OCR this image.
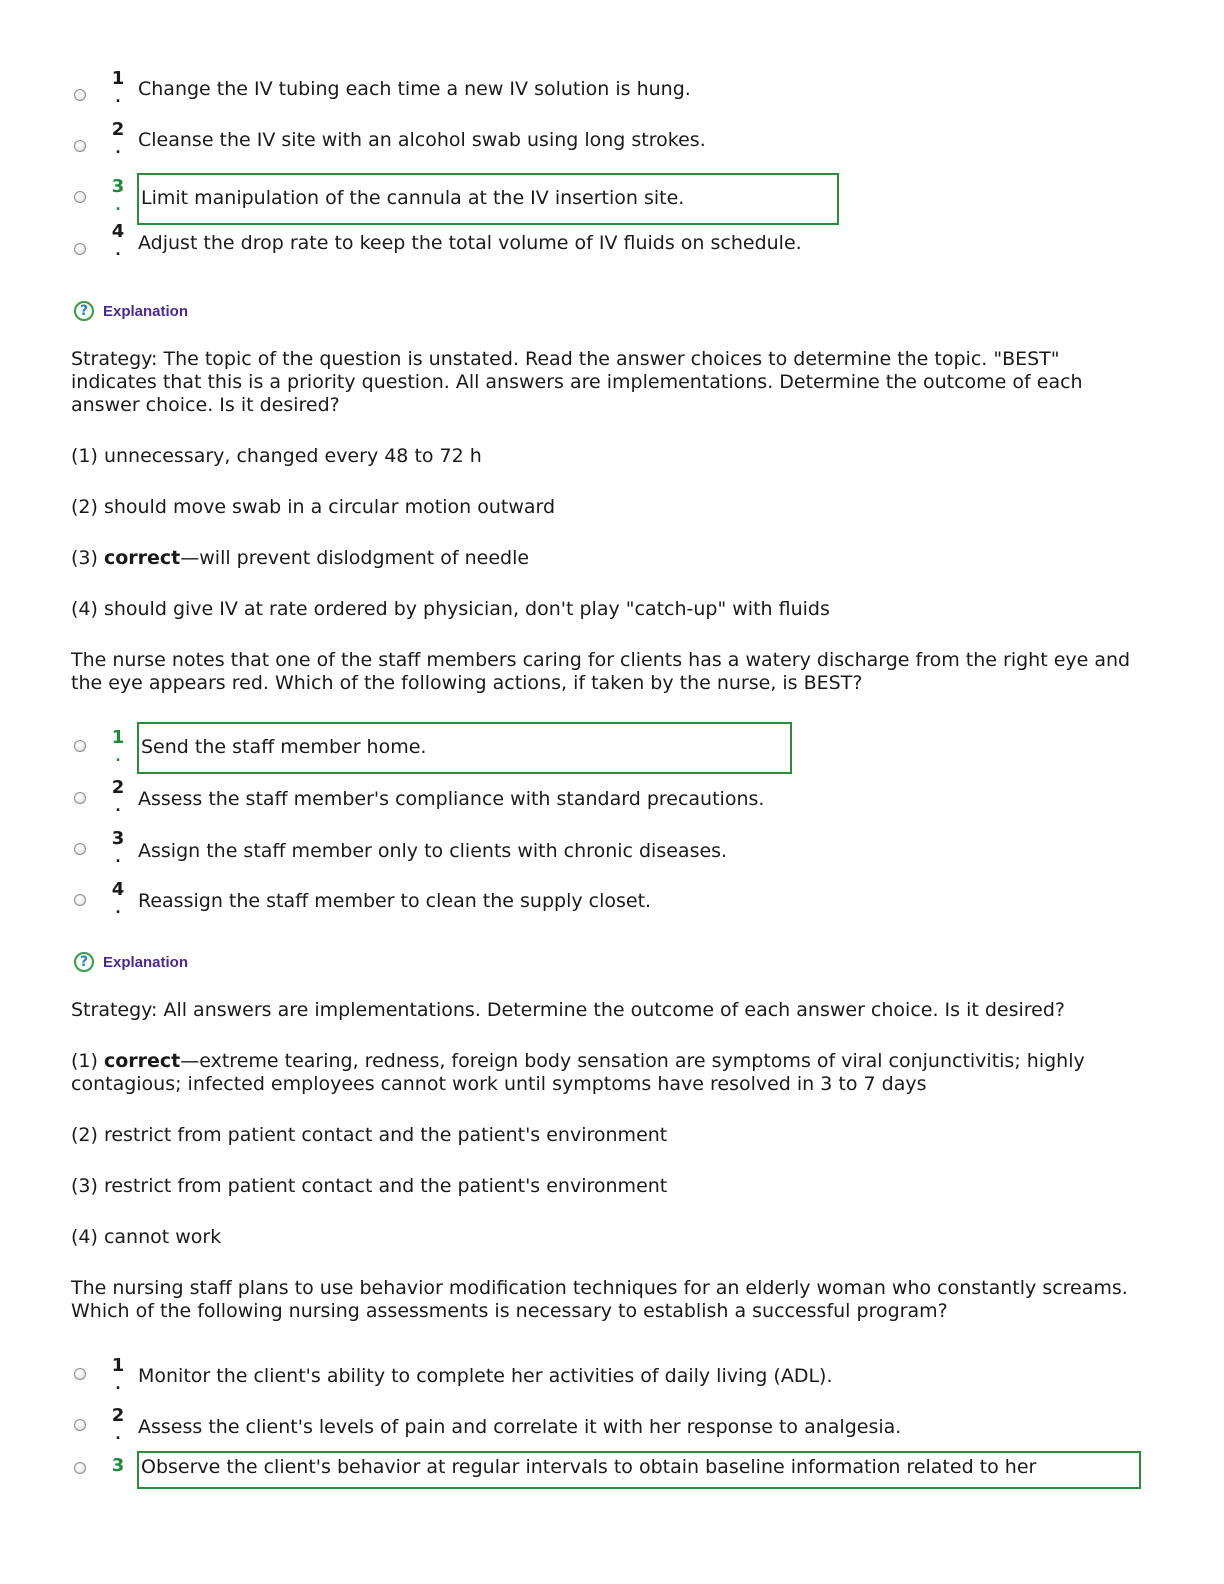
1
. Change the IV tubing each time a new IV solution is hung.
2
. Cleanse the IV site with an alcohol swab using long strokes.
3
. Limit manipulation of the cannula at the IV insertion site.
4
. Adjust the drop rate to keep the total volume of IV fluids on schedule.
? Explanation
Strategy: The topic of the question is unstated. Read the answer choices to determine the topic. "BEST" indicates that this is a priority question. All answers are implementations. Determine the outcome of each answer choice. Is it desired?
(1) unnecessary, changed every 48 to 72 h
(2) should move swab in a circular motion outward
(3) correct—will prevent dislodgment of needle
(4) should give IV at rate ordered by physician, don't play "catch-up" with fluids
The nurse notes that one of the staff members caring for clients has a watery discharge from the right eye and the eye appears red. Which of the following actions, if taken by the nurse, is BEST?
1
. Send the staff member home.
2
. Assess the staff member's compliance with standard precautions.
3
. Assign the staff member only to clients with chronic diseases.
4
. Reassign the staff member to clean the supply closet.
? Explanation
Strategy: All answers are implementations. Determine the outcome of each answer choice. Is it desired?
(1) correct—extreme tearing, redness, foreign body sensation are symptoms of viral conjunctivitis; highly contagious; infected employees cannot work until symptoms have resolved in 3 to 7 days
(2) restrict from patient contact and the patient's environment
(3) restrict from patient contact and the patient's environment
(4) cannot work
The nursing staff plans to use behavior modification techniques for an elderly woman who constantly screams. Which of the following nursing assessments is necessary to establish a successful program?
1
. Monitor the client's ability to complete her activities of daily living (ADL).
2
. Assess the client's levels of pain and correlate it with her response to analgesia.
3 Observe the client's behavior at regular intervals to obtain baseline information related to her
